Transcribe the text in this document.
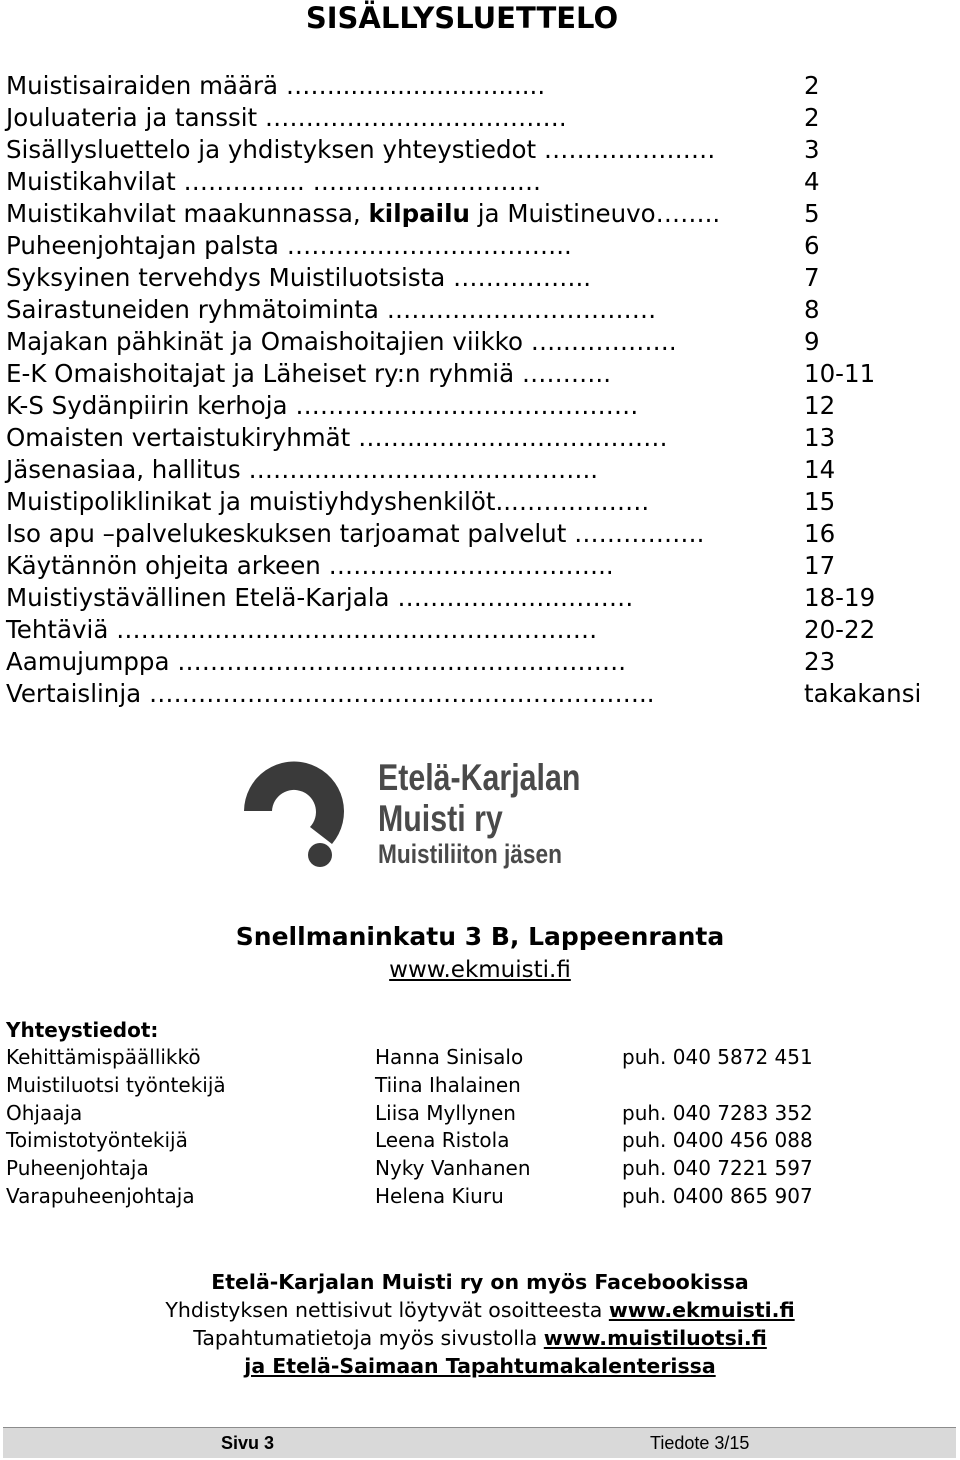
SISÄLLYSLUETTELO
Muistisairaiden määrä ……...........................	2
Jouluateria ja tanssit ……………………………….	2
Sisällysluettelo ja yhdistyksen yhteystiedot …………………	3
Muistikahvilat …………... ……………………….	4
Muistikahvilat maakunnassa, kilpailu ja Muistineuvo……..	5
Puheenjohtajan palsta ……………………………..	6
Syksyinen tervehdys Muistiluotsista ……………..	7
Sairastuneiden ryhmätoiminta ……………………………	8
Majakan pähkinät ja Omaishoitajien viikko …..………….	9
E-K Omaishoitajat ja Läheiset ry:n ryhmiä ………..	10-11
K-S Sydänpiirin kerhoja ……………………………………	12
Omaisten vertaistukiryhmät ……..…………………………	13
Jäsenasiaa, hallitus ………..…………………………..	14
Muistipoliklinikat ja muistiyhdyshenkilöt...…………….	15
Iso apu –palvelukeskuksen tarjoamat palvelut …………….	16
Käytännön ohjeita arkeen ……………………………..	17
Muistiystävällinen Etelä-Karjala ………………..………	18-19
Tehtäviä ………………………………..…………………	20-22
Aamujumppa ……………………………………………….	23
Vertaislinja ……………………………………………………..	takakansi
Etelä-Karjalan
Muisti ry
Muistiliiton jäsen
Snellmaninkatu 3 B, Lappeenranta
www.ekmuisti.fi
Yhteystiedot:
Kehittämispäällikkö	Hanna Sinisalo	puh. 040 5872 451
Muistiluotsi työntekijä	Tiina Ihalainen
Ohjaaja	Liisa Myllynen	puh. 040 7283 352
Toimistotyöntekijä	Leena Ristola	puh. 0400 456 088
Puheenjohtaja	Nyky Vanhanen	puh. 040 7221 597
Varapuheenjohtaja	Helena Kiuru	puh. 0400 865 907
Etelä-Karjalan Muisti ry on myös Facebookissa
Yhdistyksen nettisivut löytyvät osoitteesta www.ekmuisti.fi
Tapahtumatietoja myös sivustolla www.muistiluotsi.fi
ja Etelä-Saimaan Tapahtumakalenterissa
Sivu 3	Tiedote 3/15
